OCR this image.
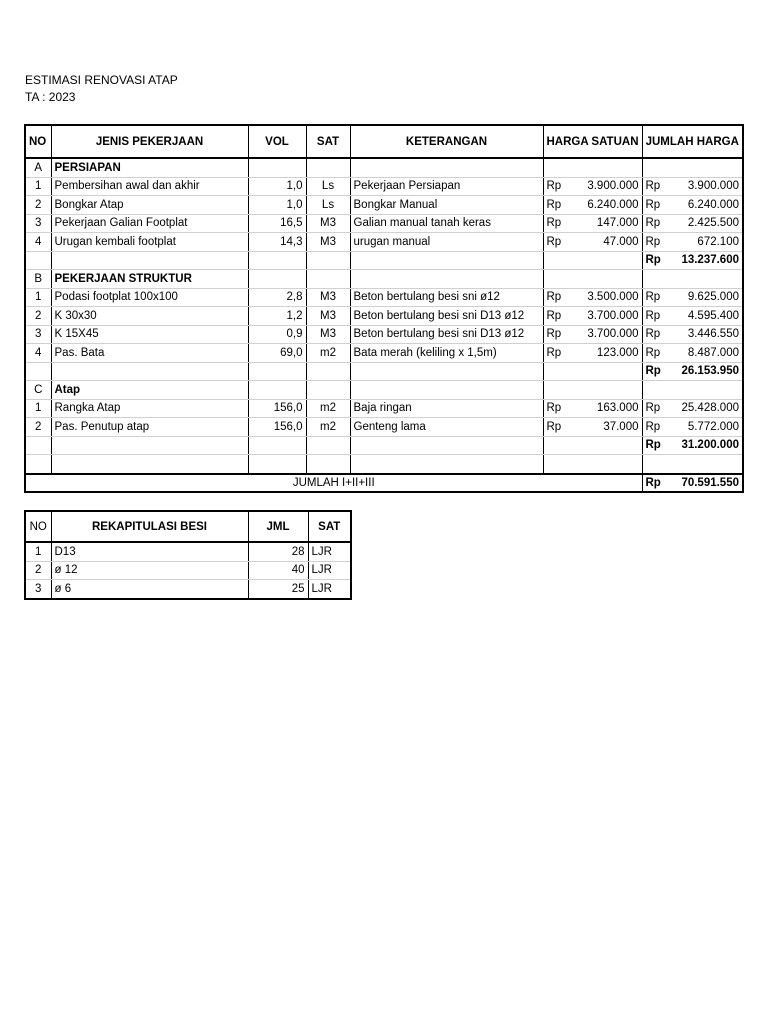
ESTIMASI RENOVASI ATAP
TA : 2023
NO	JENIS PEKERJAAN	VOL	SAT	KETERANGAN	HARGA SATUAN		JUMLAH HARGA	
A	PERSIAPAN							
1	Pembersihan awal dan akhir	1,0	Ls	Pekerjaan Persiapan	Rp	3.900.000	Rp	3.900.000
2	Bongkar Atap	1,0	Ls	Bongkar Manual	Rp	6.240.000	Rp	6.240.000
3	Pekerjaan Galian Footplat	16,5	M3	Galian manual tanah keras	Rp	147.000	Rp	2.425.500
4	Urugan kembali footplat	14,3	M3	urugan manual	Rp	47.000	Rp	672.100
							Rp	13.237.600
B	PEKERJAAN STRUKTUR							
1	Podasi footplat 100x100	2,8	M3	Beton bertulang besi sni ø12	Rp	3.500.000	Rp	9.625.000
2	K 30x30	1,2	M3	Beton bertulang besi sni D13 ø12	Rp	3.700.000	Rp	4.595.400
3	K 15X45	0,9	M3	Beton bertulang besi sni D13 ø12	Rp	3.700.000	Rp	3.446.550
4	Pas. Bata	69,0	m2	Bata merah (keliling x 1,5m)	Rp	123.000	Rp	8.487.000
							Rp	26.153.950
C	Atap							
1	Rangka Atap	156,0	m2	Baja ringan	Rp	163.000	Rp	25.428.000
2	Pas. Penutup atap	156,0	m2	Genteng lama	Rp	37.000	Rp	5.772.000
							Rp	31.200.000

JUMLAH I+II+III							Rp	70.591.550
NO	REKAPITULASI BESI	JML	SAT
1	D13	28	LJR
2	ø 12	40	LJR
3	ø 6	25	LJR
